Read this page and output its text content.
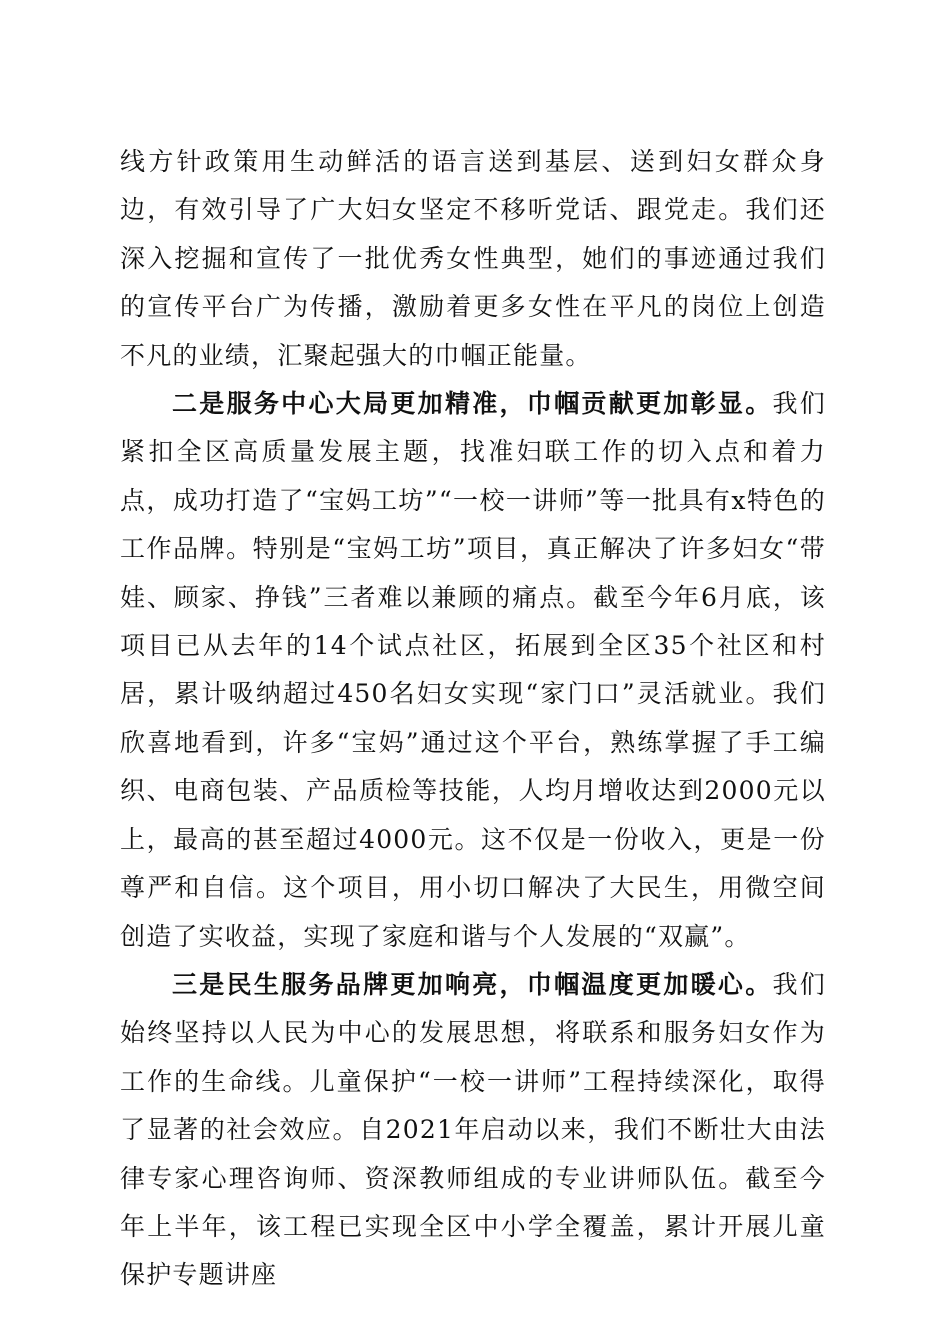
线方针政策用生动鲜活的语言送到基层、送到妇女群众身边，有效引导了广大妇女坚定不移听党话、跟党走。我们还深入挖掘和宣传了一批优秀女性典型，她们的事迹通过我们的宣传平台广为传播，激励着更多女性在平凡的岗位上创造不凡的业绩，汇聚起强大的巾帼正能量。

二是服务中心大局更加精准，巾帼贡献更加彰显。我们紧扣全区高质量发展主题，找准妇联工作的切入点和着力点，成功打造了“宝妈工坊”“一校一讲师”等一批具有x特色的工作品牌。特别是“宝妈工坊”项目，真正解决了许多妇女“带娃、顾家、挣钱”三者难以兼顾的痛点。截至今年6月底，该项目已从去年的14个试点社区，拓展到全区35个社区和村居，累计吸纳超过450名妇女实现“家门口”灵活就业。我们欣喜地看到，许多“宝妈”通过这个平台，熟练掌握了手工编织、电商包装、产品质检等技能，人均月增收达到2000元以上，最高的甚至超过4000元。这不仅是一份收入，更是一份尊严和自信。这个项目，用小切口解决了大民生，用微空间创造了实收益，实现了家庭和谐与个人发展的“双赢”。

三是民生服务品牌更加响亮，巾帼温度更加暖心。我们始终坚持以人民为中心的发展思想，将联系和服务妇女作为工作的生命线。儿童保护“一校一讲师”工程持续深化，取得了显著的社会效应。自2021年启动以来，我们不断壮大由法律专家心理咨询师、资深教师组成的专业讲师队伍。截至今年上半年，该工程已实现全区中小学全覆盖，累计开展儿童保护专题讲座
